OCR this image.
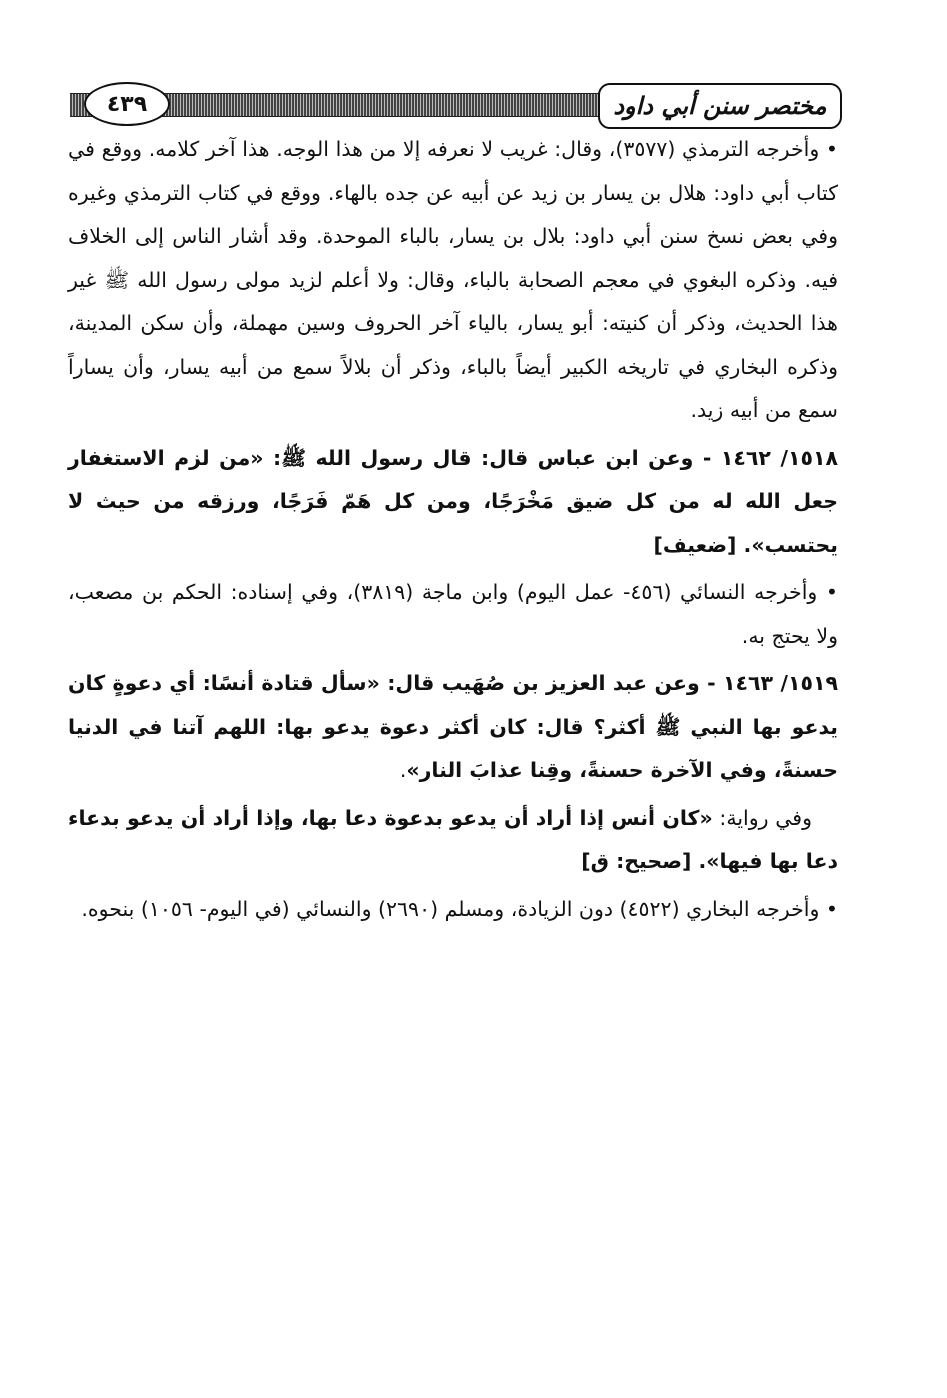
٤٣٩	مختصر سنن أبي داود

• وأخرجه الترمذي (٣٥٧٧)، وقال: غريب لا نعرفه إلا من هذا الوجه. هذا آخر كلامه. ووقع في كتاب أبي داود: هلال بن يسار بن زيد عن أبيه عن جده بالهاء. ووقع في كتاب الترمذي وغيره وفي بعض نسخ سنن أبي داود: بلال بن يسار، بالباء الموحدة. وقد أشار الناس إلى الخلاف فيه. وذكره البغوي في معجم الصحابة بالباء، وقال: ولا أعلم لزيد مولى رسول الله ﷺ غير هذا الحديث، وذكر أن كنيته: أبو يسار، بالياء آخر الحروف وسين مهملة، وأن سكن المدينة، وذكره البخاري في تاريخه الكبير أيضاً بالباء، وذكر أن بلالاً سمع من أبيه يسار، وأن يساراً سمع من أبيه زيد.

١٥١٨/ ١٤٦٢ - وعن ابن عباس قال: قال رسول الله ﷺ: «من لزم الاستغفار جعل الله له من كل ضيق مَخْرَجًا، ومن كل هَمّ فَرَجًا، ورزقه من حيث لا يحتسب». [ضعيف]

• وأخرجه النسائي (٤٥٦- عمل اليوم) وابن ماجة (٣٨١٩)، وفي إسناده: الحكم بن مصعب، ولا يحتج به.

١٥١٩/ ١٤٦٣ - وعن عبد العزيز بن صُهَيب قال: «سأل قتادة أنسًا: أي دعوةٍ كان يدعو بها النبي ﷺ أكثر؟ قال: كان أكثر دعوة يدعو بها: اللهم آتنا في الدنيا حسنةً، وفي الآخرة حسنةً، وقِنا عذابَ النار».

وفي رواية: «كان أنس إذا أراد أن يدعو بدعوة دعا بها، وإذا أراد أن يدعو بدعاء دعا بها فيها». [صحيح: ق]

• وأخرجه البخاري (٤٥٢٢) دون الزيادة، ومسلم (٢٦٩٠) والنسائي (في اليوم- ١٠٥٦) بنحوه.
